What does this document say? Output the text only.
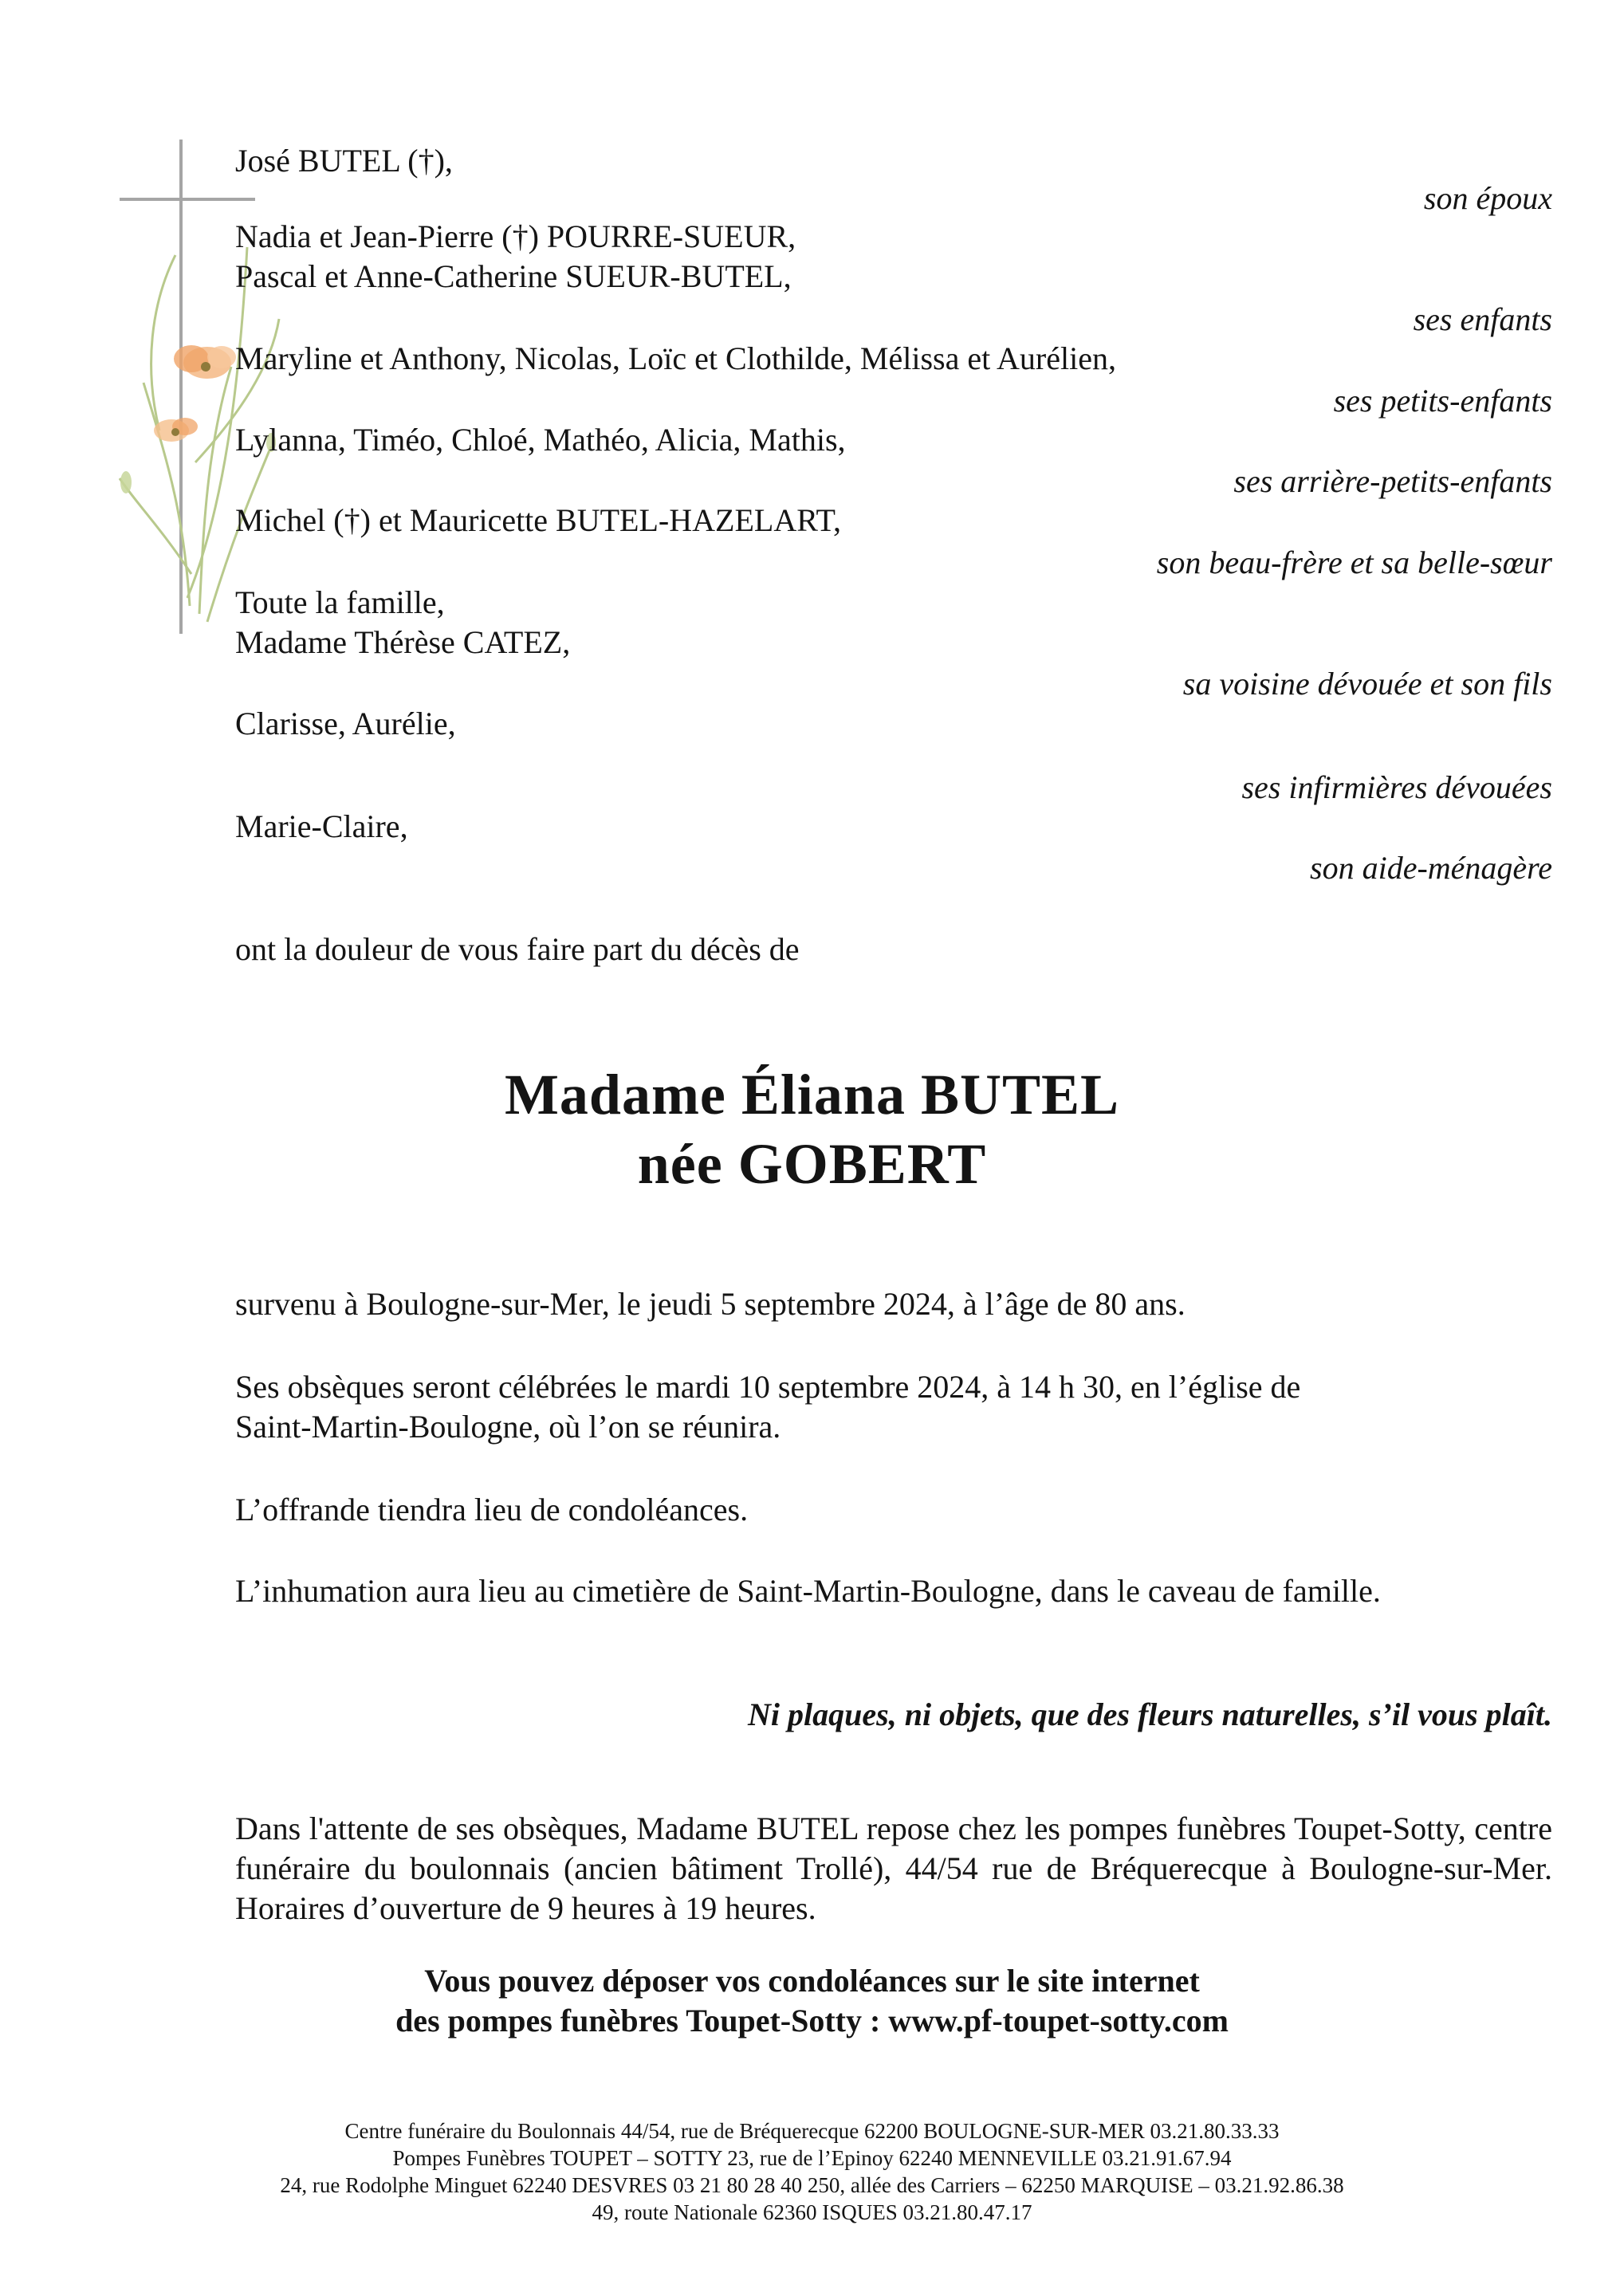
José BUTEL (†),
Nadia et Jean-Pierre (†) POURRE-SUEUR,
Pascal et Anne-Catherine SUEUR-BUTEL,
Maryline et Anthony, Nicolas, Loïc et Clothilde, Mélissa et Aurélien,
Lylanna, Timéo, Chloé, Mathéo, Alicia, Mathis,
Michel (†) et Mauricette BUTEL-HAZELART,
Toute la famille,
Madame Thérèse CATEZ,
Clarisse, Aurélie,
Marie-Claire,
son époux
ses enfants
ses petits-enfants
ses arrière-petits-enfants
son beau-frère et sa belle-sœur
sa voisine dévouée et son fils
ses infirmières dévouées
son aide-ménagère
ont la douleur de vous faire part du décès de
Madame Éliana BUTEL
née GOBERT
survenu à Boulogne-sur-Mer, le jeudi 5 septembre 2024, à l’âge de 80 ans.
Ses obsèques seront célébrées le mardi 10 septembre 2024, à 14 h 30, en l’église de
Saint-Martin-Boulogne, où l’on se réunira.
L’offrande tiendra lieu de condoléances.
L’inhumation aura lieu au cimetière de Saint-Martin-Boulogne, dans le caveau de famille.
Ni plaques, ni objets, que des fleurs naturelles, s’il vous plaît.
Dans l'attente de ses obsèques, Madame BUTEL repose chez les pompes funèbres Toupet-Sotty, centre funéraire du boulonnais (ancien bâtiment Trollé), 44/54 rue de Bréquerecque à Boulogne-sur-Mer. Horaires d’ouverture de 9 heures à 19 heures.
Vous pouvez déposer vos condoléances sur le site internet
des pompes funèbres Toupet-Sotty : www.pf-toupet-sotty.com
Centre funéraire du Boulonnais 44/54, rue de Bréquerecque 62200 BOULOGNE-SUR-MER 03.21.80.33.33
Pompes Funèbres TOUPET – SOTTY 23, rue de l’Epinoy 62240 MENNEVILLE 03.21.91.67.94
24, rue Rodolphe Minguet 62240 DESVRES 03 21 80 28 40 250, allée des Carriers – 62250 MARQUISE – 03.21.92.86.38
49, route Nationale 62360 ISQUES 03.21.80.47.17
